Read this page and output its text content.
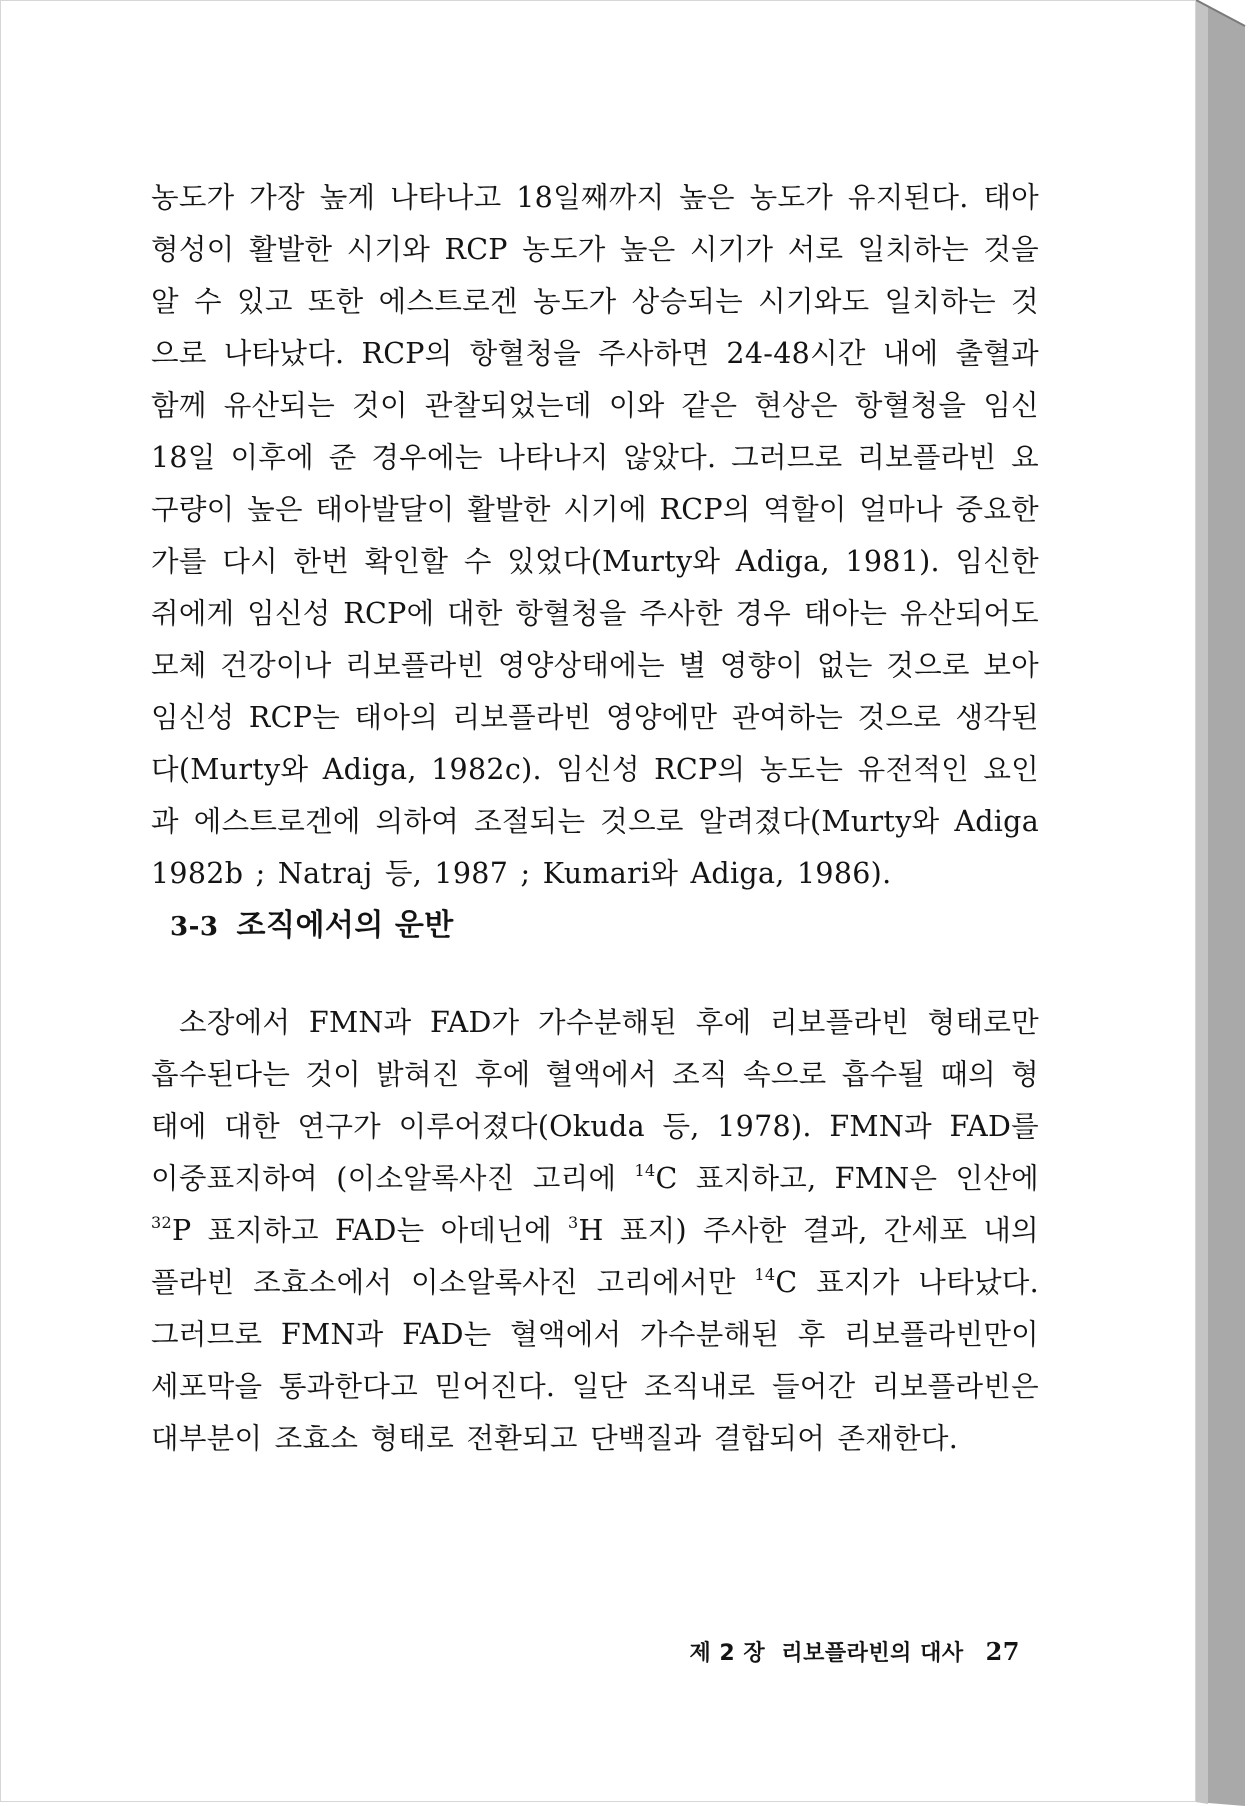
농도가 가장 높게 나타나고 18일째까지 높은 농도가 유지된다. 태아형성이 활발한 시기와 RCP 농도가 높은 시기가 서로 일치하는 것을 알 수 있고 또한 에스트로겐 농도가 상승되는 시기와도 일치하는 것으로 나타났다. RCP의 항혈청을 주사하면 24-48시간 내에 출혈과 함께 유산되는 것이 관찰되었는데 이와 같은 현상은 항혈청을 임신 18일 이후에 준 경우에는 나타나지 않았다. 그러므로 리보플라빈 요구량이 높은 태아발달이 활발한 시기에 RCP의 역할이 얼마나 중요한가를 다시 한번 확인할 수 있었다(Murty와 Adiga, 1981). 임신한 쥐에게 임신성 RCP에 대한 항혈청을 주사한 경우 태아는 유산되어도 모체 건강이나 리보플라빈 영양상태에는 별 영향이 없는 것으로 보아 임신성 RCP는 태아의 리보플라빈 영양에만 관여하는 것으로 생각된다(Murty와 Adiga, 1982c). 임신성 RCP의 농도는 유전적인 요인과 에스트로겐에 의하여 조절되는 것으로 알려졌다(Murty와 Adiga 1982b ; Natraj 등, 1987 ; Kumari와 Adiga, 1986).

3-3 조직에서의 운반

소장에서 FMN과 FAD가 가수분해된 후에 리보플라빈 형태로만 흡수된다는 것이 밝혀진 후에 혈액에서 조직 속으로 흡수될 때의 형태에 대한 연구가 이루어졌다(Okuda 등, 1978). FMN과 FAD를 이중표지하여 (이소알록사진 고리에 $^{14}$C 표지하고, FMN은 인산에 $^{32}$P 표지하고 FAD는 아데닌에 $^3$H 표지) 주사한 결과, 간세포 내의 플라빈 조효소에서 이소알록사진 고리에서만 $^{14}$C 표지가 나타났다. 그러므로 FMN과 FAD는 혈액에서 가수분해된 후 리보플라빈만이 세포막을 통과한다고 믿어진다. 일단 조직내로 들어간 리보플라빈은 대부분이 조효소 형태로 전환되고 단백질과 결합되어 존재한다.

제 2 장 리보플라빈의 대사 27
